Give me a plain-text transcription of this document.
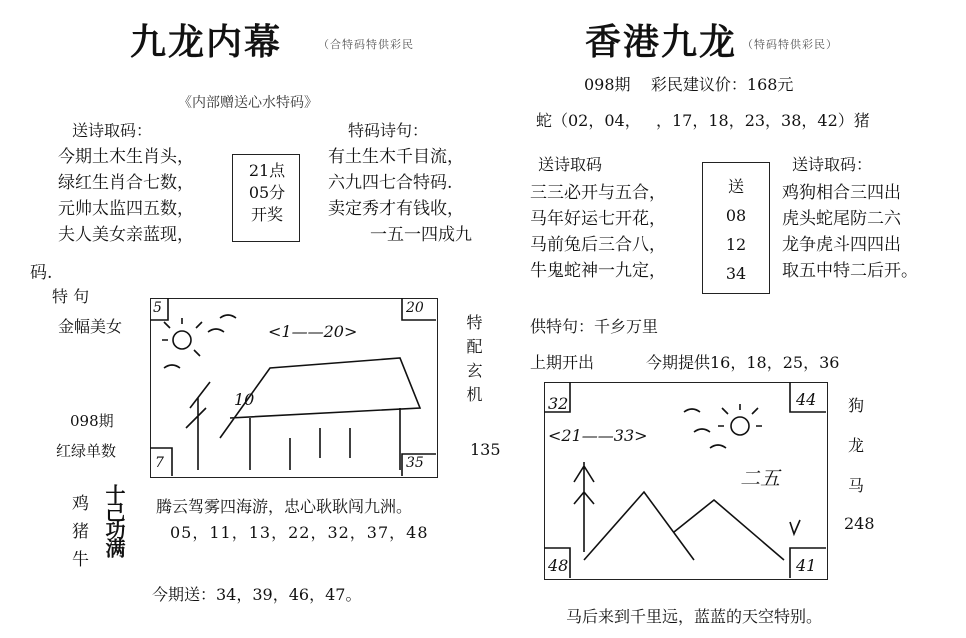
九龙内幕	（合特码特供彩民
《内部赠送心水特码》
送诗取码：
今期土木生肖头，
绿红生肖合七数，
元帅太监四五数，
夫人美女亲蓝现，
21点
05分
开奖
特码诗句：
有土生木千目流，
六九四七合特码.
卖定秀才有钱收，
一五一四成九
码.
特 句
金幅美女
098期
红绿单数
5	20
7	35
<1——20>
10	特配玄机
135
鸡
猪
牛
十己功满 腾云驾雾四海游，忠心耿耿闯九洲。
05，11，13，22，32，37，48
今期送：34，39，46，47。
香港九龙 （特码特供彩民）
098期    彩民建议价：168元
蛇（02，04，   ，17，18，23，38，42）猪
送诗取码
三三必开与五合，
马年好运七开花，
马前兔后三合八，
牛鬼蛇神一九定，
送
08
12
34
送诗取码：
鸡狗相合三四出
虎头蛇尾防二六
龙争虎斗四四出
取五中特二后开。
供特句：千乡万里
上期开出	今期提供16，18，25，36
32	44
48	41
<21——33>
二五
狗
龙
马
248
马后来到千里远，蓝蓝的天空特别。
